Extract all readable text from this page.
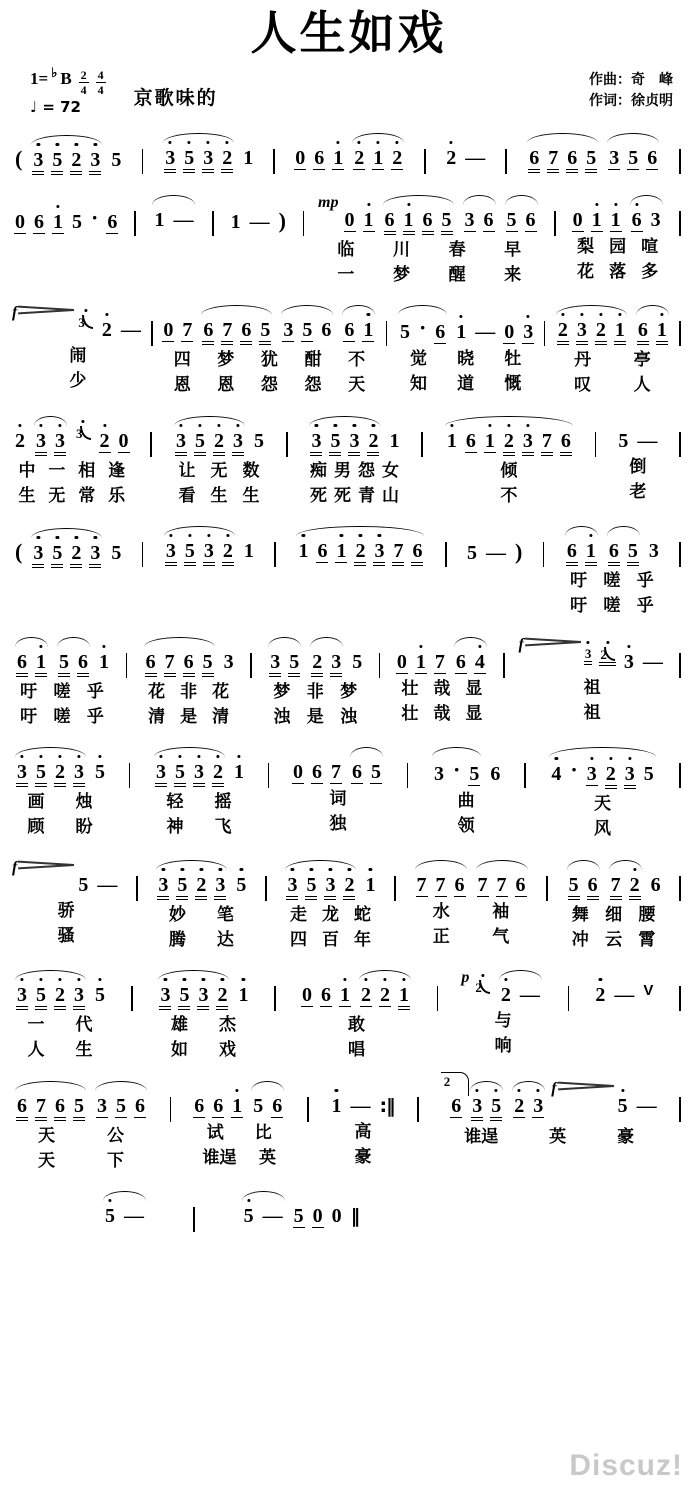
人生如戏
1= ♭ B $\frac{2}{4} \frac{4}{4}$
♩ = 72	京歌味的
作曲：奇　峰
作词：徐贞明
( 3 5 2 3 5 3 5 3 2 1 0 6 1 2 1 2 2 — 6 7 6 5 3 5 6
0 6 1 5 · 6 1 — 1 — )
mp
0 1 6 1 6 5 3 6 5 6
临 川 春 早
一 梦 醒 来
0 1 1 6 3
梨 园 喧
花 落 多
f
3 2 —
闹
少
0 7 6 7 6 5 3 5 6 6 1
四 梦 犹 酣 不
恩 恩 怨 怨 天
5 · 6 1 — 0 3
觉 晓 牡
知 道 慨
2 3 2 1 6 1
丹	亭
叹	人
2 3 3 3 2 0
中 一 相 逢
生 无 常 乐
3 5 2 3 5
让 无 数
看 生 生
3 5 3 2 1
痴 男 怨 女
死 死 青 山
1 6 1 2 3 7 6
倾
不
5 —
倒
老
( 3 5 2 3 5 3 5 3 2 1 1 6 1 2 3 7 6 5 — ) 6 1 6 5 3
吁 嗟 乎
吁 嗟 乎
6 1 5 6 1
吁 嗟 乎
吁 嗟 乎
6 7 6 5 3
花 非 花
清 是 清
3 5 2 3 5
梦 非 梦
浊 是 浊
0 1 7 6 4
壮 哉 显
壮 哉 显
f
3 2 3 —
祖
祖
3 5 2 3 5
画 烛
顾 盼
3 5 3 2 1
轻 摇
神 飞
0 6 7 6 5
词
独
3 · 5 6
曲
领
4 · 3 2 3 5
天
风
f
5 —
骄
骚
3 5 2 3 5
妙 笔
腾 达
3 5 3 2 1
走 龙 蛇
四 百 年
7 7 6 7 7 6
水	袖
正	气
5 6 7 2 6
舞 细 腰
冲 云 霄
3 5 2 3 5
一 代
人 生
3 5 3 2 1
雄 杰
如 戏
0 6 1 2 2 1
敢
唱
p
2 2 —
与
响
2 — V
6 7 6 5 3 5 6
天	公
天	下
6 6 1 5 6
试 比
谁逞 英
1 — :‖
高
豪
2
6 3 5 2 3
f
5 —
谁逞	英	豪
5 —	5 — 5 0 0 ‖
Discuz!
